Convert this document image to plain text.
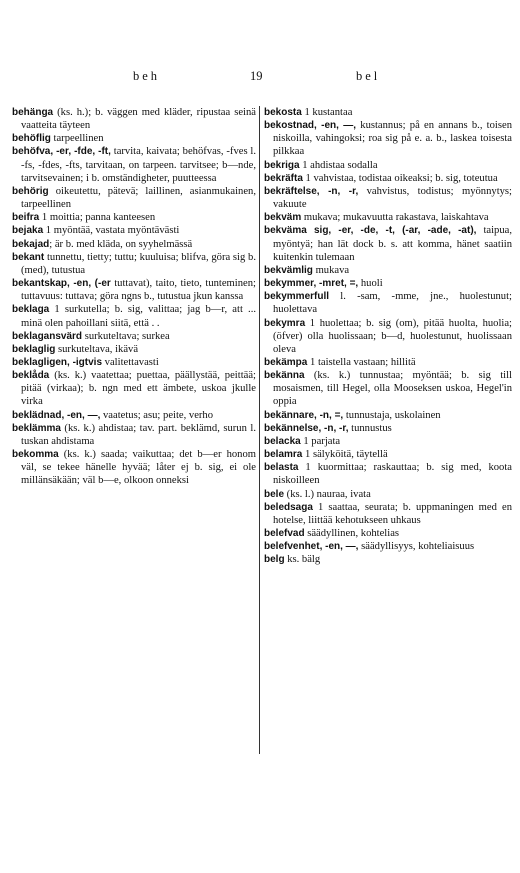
beh	19	bel

behänga (ks. h.); b. väggen med kläder, ripustaa seinä vaatteita täyteen

behöflig tarpeellinen

behöfva, -er, -fde, -ft, tarvita, kaivata; behöfvas, -fves l. -fs, -fdes, -fts, tarvitaan, on tarpeen. tarvitsee; b—nde, tarvitsevainen; i b. omständigheter, puutteessa

behörig oikeutettu, pätevä; laillinen, asianmukainen, tarpeellinen

beifra 1 moittia; panna kanteesen

bejaka 1 myöntää, vastata myöntävästi

bekajad; är b. med kläda, on syyhelmässä

bekant tunnettu, tietty; tuttu; kuuluisa; blifva, göra sig b. (med), tutustua

bekantskap, -en, (-er tuttavat), taito, tieto, tunteminen; tuttavuus: tuttava; göra ngns b., tutustua jkun kanssa

beklaga 1 surkutella; b. sig, valittaa; jag b—r, att ... minä olen pahoillani siitä, että . .

beklagansvärd surkuteltava; surkea

beklaglig surkuteltava, ikävä

beklagligen, -igtvis valitettavasti

beklåda (ks. k.) vaatettaa; puettaa, päällystää, peittää; pitää (virkaa); b. ngn med ett ämbete, uskoa jkulle virka

beklädnad, -en, —, vaatetus; asu; peite, verho

beklämma (ks. k.) ahdistaa; tav. part. beklämd, surun l. tuskan ahdistama

bekomma (ks. k.) saada; vaikuttaa; det b—er honom väl, se tekee hänelle hyvää; låter ej b. sig, ei ole millänsäkään; väl b—e, olkoon onneksi

bekosta 1 kustantaa

bekostnad, -en, —, kustannus; på en annans b., toisen niskoilla, vahingoksi; roa sig på e. a. b., laskea toisesta pilkkaa

bekriga 1 ahdistaa sodalla

bekräfta 1 vahvistaa, todistaa oikeaksi; b. sig, toteutua

bekräftelse, -n, -r, vahvistus, todistus; myönnytys; vakuute

bekväm mukava; mukavuutta rakastava, laiskahtava

bekväma sig, -er, -de, -t, (-ar, -ade, -at), taipua, myöntyä; han lät dock b. s. att komma, hänet saatiin kuitenkin tulemaan

bekvämlig mukava

bekymmer, -mret, =, huoli

bekymmerfull l. -sam, -mme, jne., huolestunut; huolettava

bekymra 1 huolettaa; b. sig (om), pitää huolta, huolia; (öfver) olla huolissaan; b—d, huolestunut, huolissaan oleva

bekämpa 1 taistella vastaan; hillitä

bekänna (ks. k.) tunnustaa; myöntää; b. sig till mosaismen, till Hegel, olla Mooseksen uskoa, Hegel'in oppia

bekännare, -n, =, tunnustaja, uskolainen

bekännelse, -n, -r, tunnustus

belacka 1 parjata

belamra 1 sälyköitä, täytellä

belasta 1 kuormittaa; raskauttaa; b. sig med, koota niskoilleen

bele (ks. l.) nauraa, ivata

beledsaga 1 saattaa, seurata; b. uppmaningen med en hotelse, liittää kehotukseen uhkaus

belefvad säädyllinen, kohtelias

belefvenhet, -en, —, säädyllisyys, kohteliaisuus

belg ks. bälg
